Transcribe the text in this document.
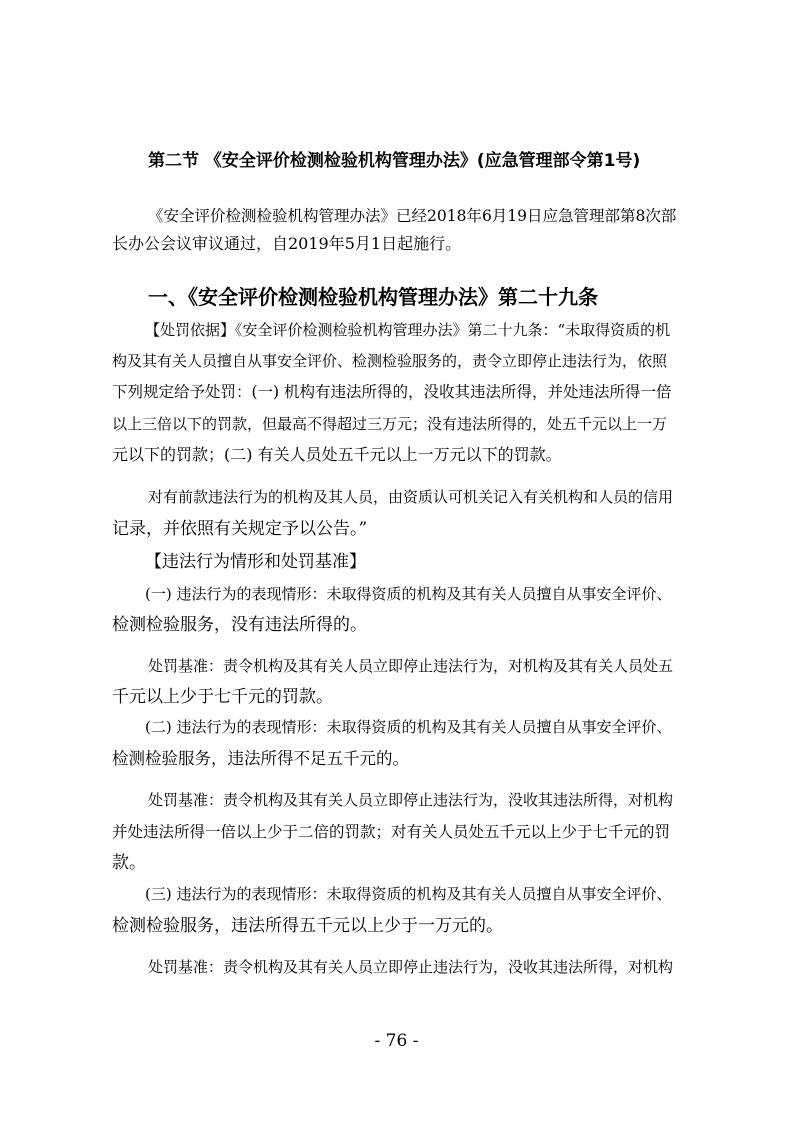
第二节 《安全评价检测检验机构管理办法》(应急管理部令第1号)
《安全评价检测检验机构管理办法》已经2018年6月19日应急管理部第8次部
长办公会议审议通过，自2019年5月1日起施行。
一、《安全评价检测检验机构管理办法》第二十九条
【处罚依据】《安全评价检测检验机构管理办法》第二十九条：“未取得资质的机
构及其有关人员擅自从事安全评价、检测检验服务的，责令立即停止违法行为，依照
下列规定给予处罚：(一) 机构有违法所得的，没收其违法所得，并处违法所得一倍
以上三倍以下的罚款，但最高不得超过三万元；没有违法所得的，处五千元以上一万
元以下的罚款；(二) 有关人员处五千元以上一万元以下的罚款。
对有前款违法行为的机构及其人员，由资质认可机关记入有关机构和人员的信用
记录，并依照有关规定予以公告。”
【违法行为情形和处罚基准】
(一) 违法行为的表现情形：未取得资质的机构及其有关人员擅自从事安全评价、
检测检验服务，没有违法所得的。
处罚基准：责令机构及其有关人员立即停止违法行为，对机构及其有关人员处五
千元以上少于七千元的罚款。
(二) 违法行为的表现情形：未取得资质的机构及其有关人员擅自从事安全评价、
检测检验服务，违法所得不足五千元的。
处罚基准：责令机构及其有关人员立即停止违法行为，没收其违法所得，对机构
并处违法所得一倍以上少于二倍的罚款；对有关人员处五千元以上少于七千元的罚
款。
(三) 违法行为的表现情形：未取得资质的机构及其有关人员擅自从事安全评价、
检测检验服务，违法所得五千元以上少于一万元的。
处罚基准：责令机构及其有关人员立即停止违法行为，没收其违法所得，对机构
- 76 -
